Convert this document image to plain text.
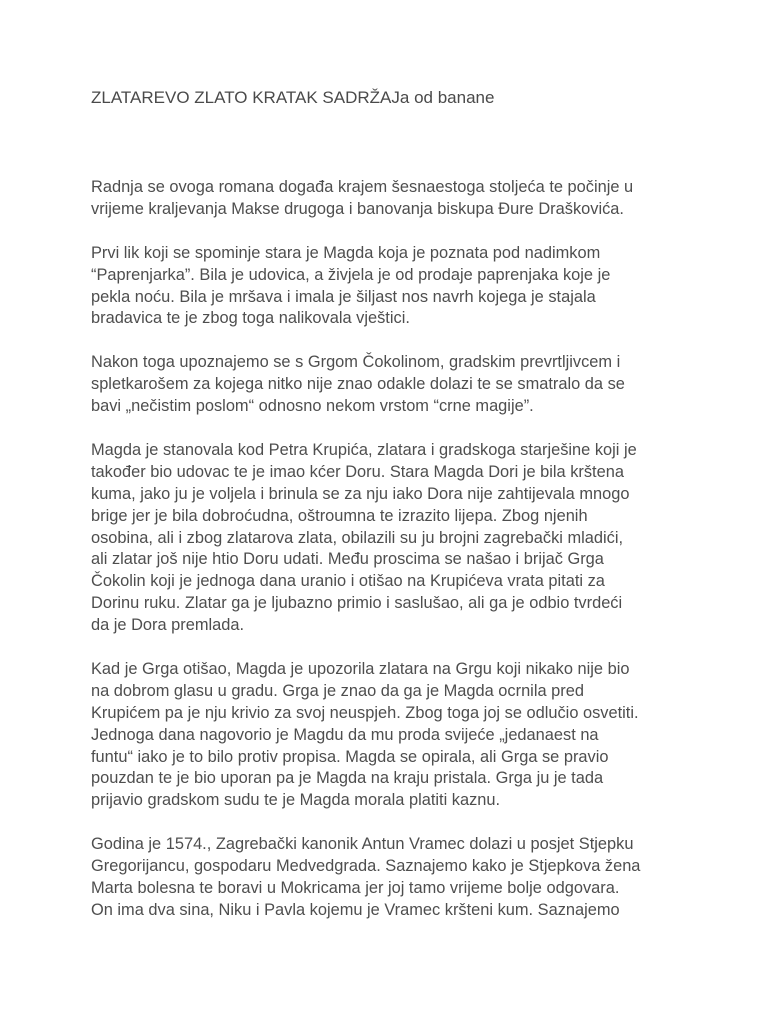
ZLATAREVO ZLATO KRATAK SADRŽAJa od banane

Radnja se ovoga romana događa krajem šesnaestoga stoljeća te počinje u
vrijeme kraljevanja Makse drugoga i banovanja biskupa Đure Draškovića.

Prvi lik koji se spominje stara je Magda koja je poznata pod nadimkom
“Paprenjarka”. Bila je udovica, a živjela je od prodaje paprenjaka koje je
pekla noću. Bila je mršava i imala je šiljast nos navrh kojega je stajala
bradavica te je zbog toga nalikovala vještici.

Nakon toga upoznajemo se s Grgom Čokolinom, gradskim prevrtljivcem i
spletkarošem za kojega nitko nije znao odakle dolazi te se smatralo da se
bavi „nečistim poslom“ odnosno nekom vrstom “crne magije”.

Magda je stanovala kod Petra Krupića, zlatara i gradskoga starješine koji je
također bio udovac te je imao kćer Doru. Stara Magda Dori je bila krštena
kuma, jako ju je voljela i brinula se za nju iako Dora nije zahtijevala mnogo
brige jer je bila dobroćudna, oštroumna te izrazito lijepa. Zbog njenih
osobina, ali i zbog zlatarova zlata, obilazili su ju brojni zagrebački mladići,
ali zlatar još nije htio Doru udati. Među proscima se našao i brijač Grga
Čokolin koji je jednoga dana uranio i otišao na Krupićeva vrata pitati za
Dorinu ruku. Zlatar ga je ljubazno primio i saslušao, ali ga je odbio tvrdeći
da je Dora premlada.

Kad je Grga otišao, Magda je upozorila zlatara na Grgu koji nikako nije bio
na dobrom glasu u gradu. Grga je znao da ga je Magda ocrnila pred
Krupićem pa je nju krivio za svoj neuspjeh. Zbog toga joj se odlučio osvetiti.
Jednoga dana nagovorio je Magdu da mu proda svijeće „jedanaest na
funtu“ iako je to bilo protiv propisa. Magda se opirala, ali Grga se pravio
pouzdan te je bio uporan pa je Magda na kraju pristala. Grga ju je tada
prijavio gradskom sudu te je Magda morala platiti kaznu.

Godina je 1574., Zagrebački kanonik Antun Vramec dolazi u posjet Stjepku
Gregorijancu, gospodaru Medvedgrada. Saznajemo kako je Stjepkova žena
Marta bolesna te boravi u Mokricama jer joj tamo vrijeme bolje odgovara.
On ima dva sina, Niku i Pavla kojemu je Vramec kršteni kum. Saznajemo
